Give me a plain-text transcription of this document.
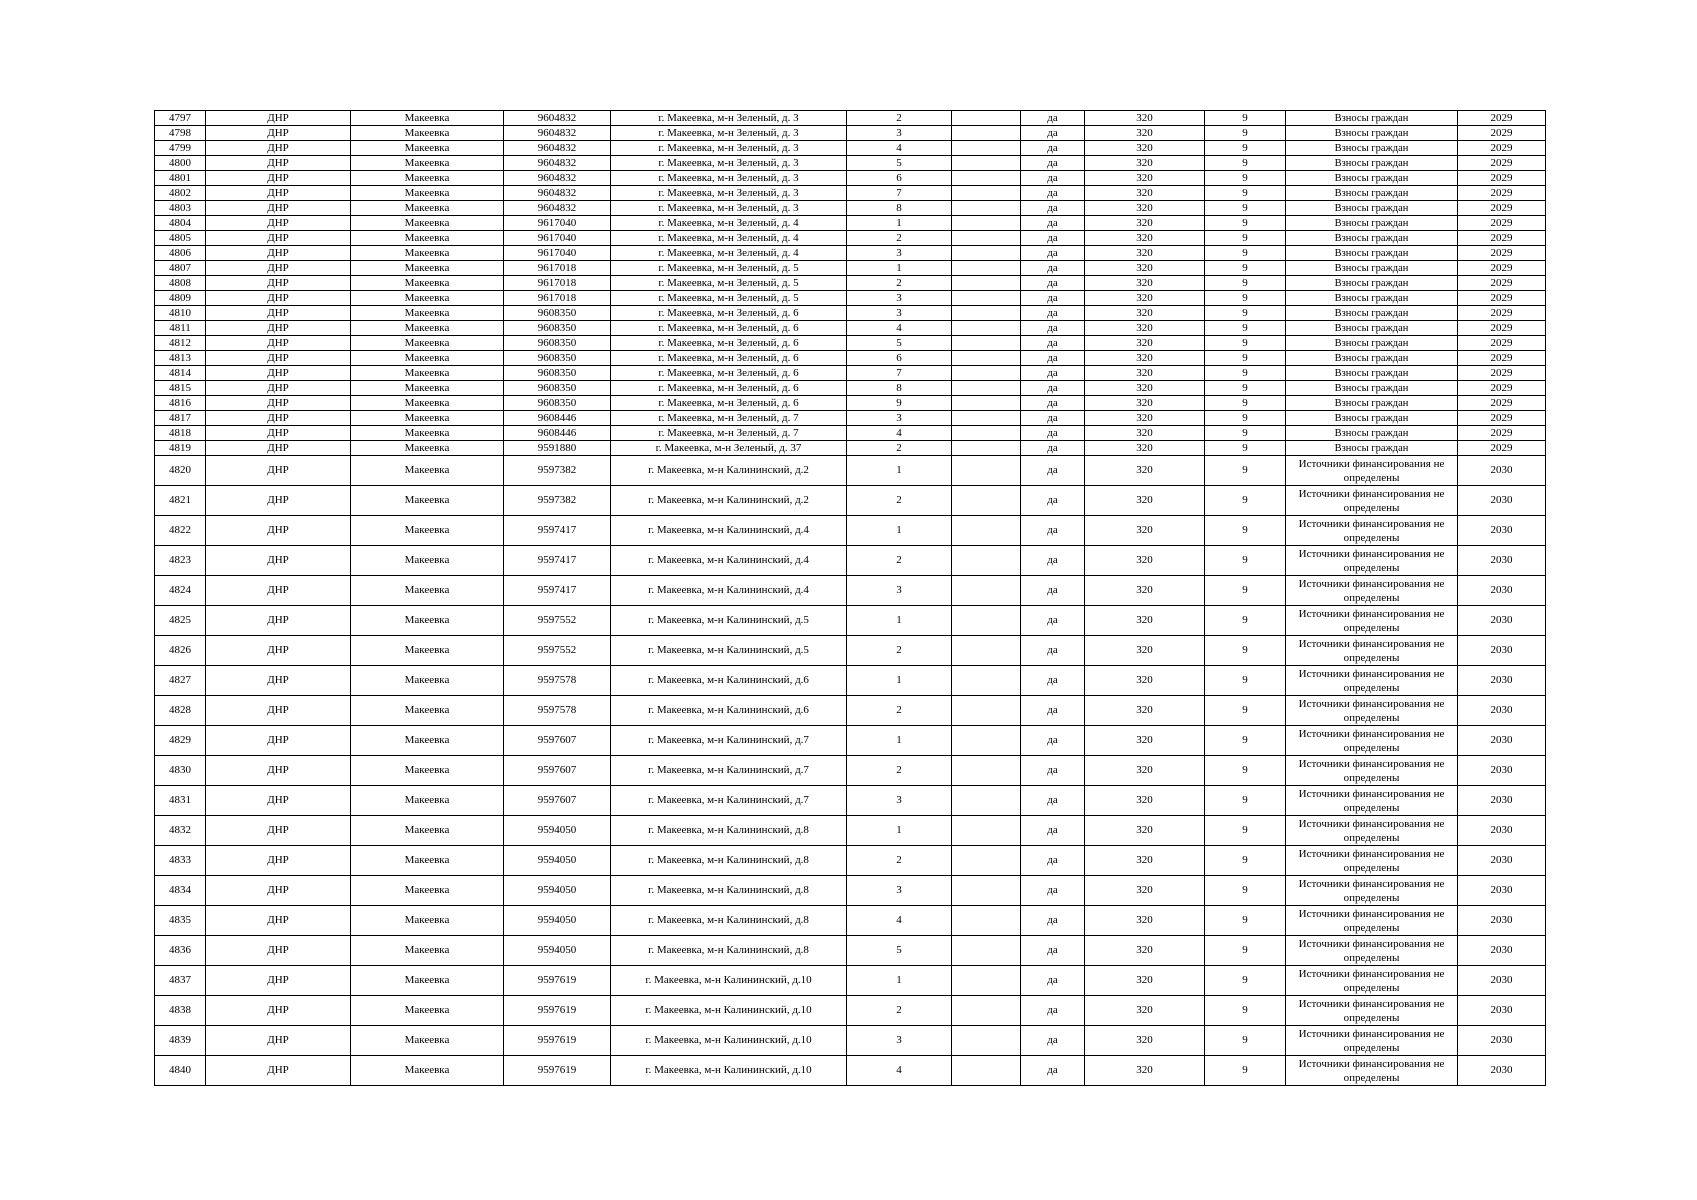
4797	ДНР	Макеевка	9604832	г. Макеевка, м-н Зеленый, д. 3	2		да	320	9	Взносы граждан	2029
4798	ДНР	Макеевка	9604832	г. Макеевка, м-н Зеленый, д. 3	3		да	320	9	Взносы граждан	2029
4799	ДНР	Макеевка	9604832	г. Макеевка, м-н Зеленый, д. 3	4		да	320	9	Взносы граждан	2029
4800	ДНР	Макеевка	9604832	г. Макеевка, м-н Зеленый, д. 3	5		да	320	9	Взносы граждан	2029
4801	ДНР	Макеевка	9604832	г. Макеевка, м-н Зеленый, д. 3	6		да	320	9	Взносы граждан	2029
4802	ДНР	Макеевка	9604832	г. Макеевка, м-н Зеленый, д. 3	7		да	320	9	Взносы граждан	2029
4803	ДНР	Макеевка	9604832	г. Макеевка, м-н Зеленый, д. 3	8		да	320	9	Взносы граждан	2029
4804	ДНР	Макеевка	9617040	г. Макеевка, м-н Зеленый, д. 4	1		да	320	9	Взносы граждан	2029
4805	ДНР	Макеевка	9617040	г. Макеевка, м-н Зеленый, д. 4	2		да	320	9	Взносы граждан	2029
4806	ДНР	Макеевка	9617040	г. Макеевка, м-н Зеленый, д. 4	3		да	320	9	Взносы граждан	2029
4807	ДНР	Макеевка	9617018	г. Макеевка, м-н Зеленый, д. 5	1		да	320	9	Взносы граждан	2029
4808	ДНР	Макеевка	9617018	г. Макеевка, м-н Зеленый, д. 5	2		да	320	9	Взносы граждан	2029
4809	ДНР	Макеевка	9617018	г. Макеевка, м-н Зеленый, д. 5	3		да	320	9	Взносы граждан	2029
4810	ДНР	Макеевка	9608350	г. Макеевка, м-н Зеленый, д. 6	3		да	320	9	Взносы граждан	2029
4811	ДНР	Макеевка	9608350	г. Макеевка, м-н Зеленый, д. 6	4		да	320	9	Взносы граждан	2029
4812	ДНР	Макеевка	9608350	г. Макеевка, м-н Зеленый, д. 6	5		да	320	9	Взносы граждан	2029
4813	ДНР	Макеевка	9608350	г. Макеевка, м-н Зеленый, д. 6	6		да	320	9	Взносы граждан	2029
4814	ДНР	Макеевка	9608350	г. Макеевка, м-н Зеленый, д. 6	7		да	320	9	Взносы граждан	2029
4815	ДНР	Макеевка	9608350	г. Макеевка, м-н Зеленый, д. 6	8		да	320	9	Взносы граждан	2029
4816	ДНР	Макеевка	9608350	г. Макеевка, м-н Зеленый, д. 6	9		да	320	9	Взносы граждан	2029
4817	ДНР	Макеевка	9608446	г. Макеевка, м-н Зеленый, д. 7	3		да	320	9	Взносы граждан	2029
4818	ДНР	Макеевка	9608446	г. Макеевка, м-н Зеленый, д. 7	4		да	320	9	Взносы граждан	2029
4819	ДНР	Макеевка	9591880	г. Макеевка, м-н Зеленый, д. 37	2		да	320	9	Взносы граждан	2029
4820	ДНР	Макеевка	9597382	г. Макеевка, м-н Калининский, д.2	1		да	320	9	Источники финансирования не определены	2030
4821	ДНР	Макеевка	9597382	г. Макеевка, м-н Калининский, д.2	2		да	320	9	Источники финансирования не определены	2030
4822	ДНР	Макеевка	9597417	г. Макеевка, м-н Калининский, д.4	1		да	320	9	Источники финансирования не определены	2030
4823	ДНР	Макеевка	9597417	г. Макеевка, м-н Калининский, д.4	2		да	320	9	Источники финансирования не определены	2030
4824	ДНР	Макеевка	9597417	г. Макеевка, м-н Калининский, д.4	3		да	320	9	Источники финансирования не определены	2030
4825	ДНР	Макеевка	9597552	г. Макеевка, м-н Калининский, д.5	1		да	320	9	Источники финансирования не определены	2030
4826	ДНР	Макеевка	9597552	г. Макеевка, м-н Калининский, д.5	2		да	320	9	Источники финансирования не определены	2030
4827	ДНР	Макеевка	9597578	г. Макеевка, м-н Калининский, д.6	1		да	320	9	Источники финансирования не определены	2030
4828	ДНР	Макеевка	9597578	г. Макеевка, м-н Калининский, д.6	2		да	320	9	Источники финансирования не определены	2030
4829	ДНР	Макеевка	9597607	г. Макеевка, м-н Калининский, д.7	1		да	320	9	Источники финансирования не определены	2030
4830	ДНР	Макеевка	9597607	г. Макеевка, м-н Калининский, д.7	2		да	320	9	Источники финансирования не определены	2030
4831	ДНР	Макеевка	9597607	г. Макеевка, м-н Калининский, д.7	3		да	320	9	Источники финансирования не определены	2030
4832	ДНР	Макеевка	9594050	г. Макеевка, м-н Калининский, д.8	1		да	320	9	Источники финансирования не определены	2030
4833	ДНР	Макеевка	9594050	г. Макеевка, м-н Калининский, д.8	2		да	320	9	Источники финансирования не определены	2030
4834	ДНР	Макеевка	9594050	г. Макеевка, м-н Калининский, д.8	3		да	320	9	Источники финансирования не определены	2030
4835	ДНР	Макеевка	9594050	г. Макеевка, м-н Калининский, д.8	4		да	320	9	Источники финансирования не определены	2030
4836	ДНР	Макеевка	9594050	г. Макеевка, м-н Калининский, д.8	5		да	320	9	Источники финансирования не определены	2030
4837	ДНР	Макеевка	9597619	г. Макеевка, м-н Калининский, д.10	1		да	320	9	Источники финансирования не определены	2030
4838	ДНР	Макеевка	9597619	г. Макеевка, м-н Калининский, д.10	2		да	320	9	Источники финансирования не определены	2030
4839	ДНР	Макеевка	9597619	г. Макеевка, м-н Калининский, д.10	3		да	320	9	Источники финансирования не определены	2030
4840	ДНР	Макеевка	9597619	г. Макеевка, м-н Калининский, д.10	4		да	320	9	Источники финансирования не определены	2030
